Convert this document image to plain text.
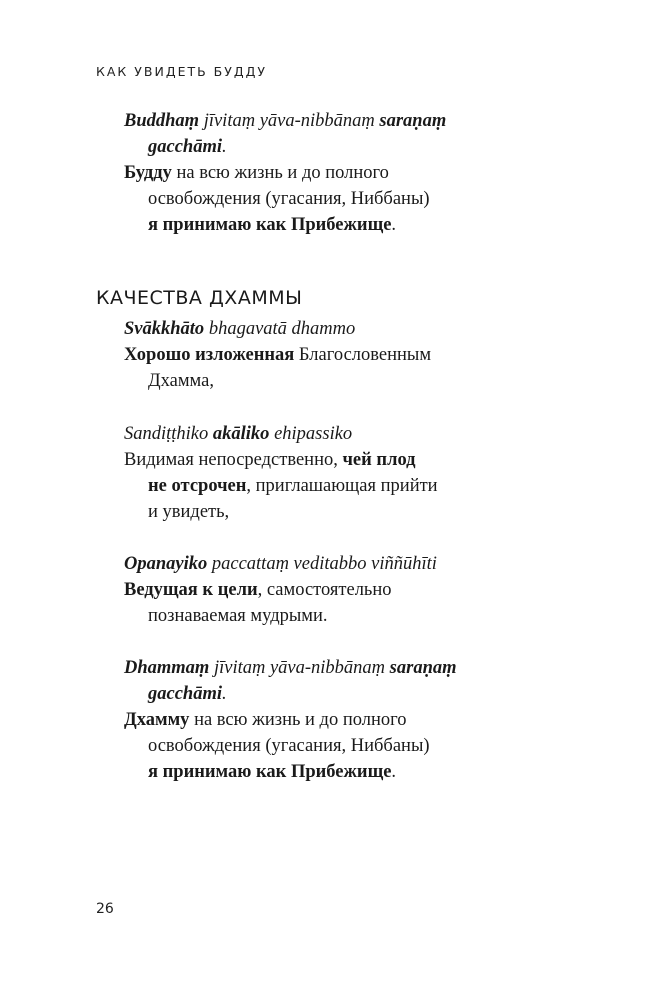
КАК УВИДЕТЬ БУДДУ
Buddhaṃ jīvitaṃ yāva-nibbānaṃ saraṇaṃ
gacchāmi.
Будду на всю жизнь и до полного
освобождения (угасания, Ниббаны)
я принимаю как Прибежище.
КАЧЕСТВА ДХАММЫ
Svākkhāto bhagavatā dhammo
Хорошо изложенная Благословенным
Дхамма,
Sandiṭṭhiko akāliko ehipassiko
Видимая непосредственно, чей плод
не отсрочен, приглашающая прийти
и увидеть,
Opanayiko paccattaṃ veditabbo viññūhīti
Ведущая к цели, самостоятельно
познаваемая мудрыми.
Dhammaṃ jīvitaṃ yāva-nibbānaṃ saraṇaṃ
gacchāmi.
Дхамму на всю жизнь и до полного
освобождения (угасания, Ниббаны)
я принимаю как Прибежище.
26
